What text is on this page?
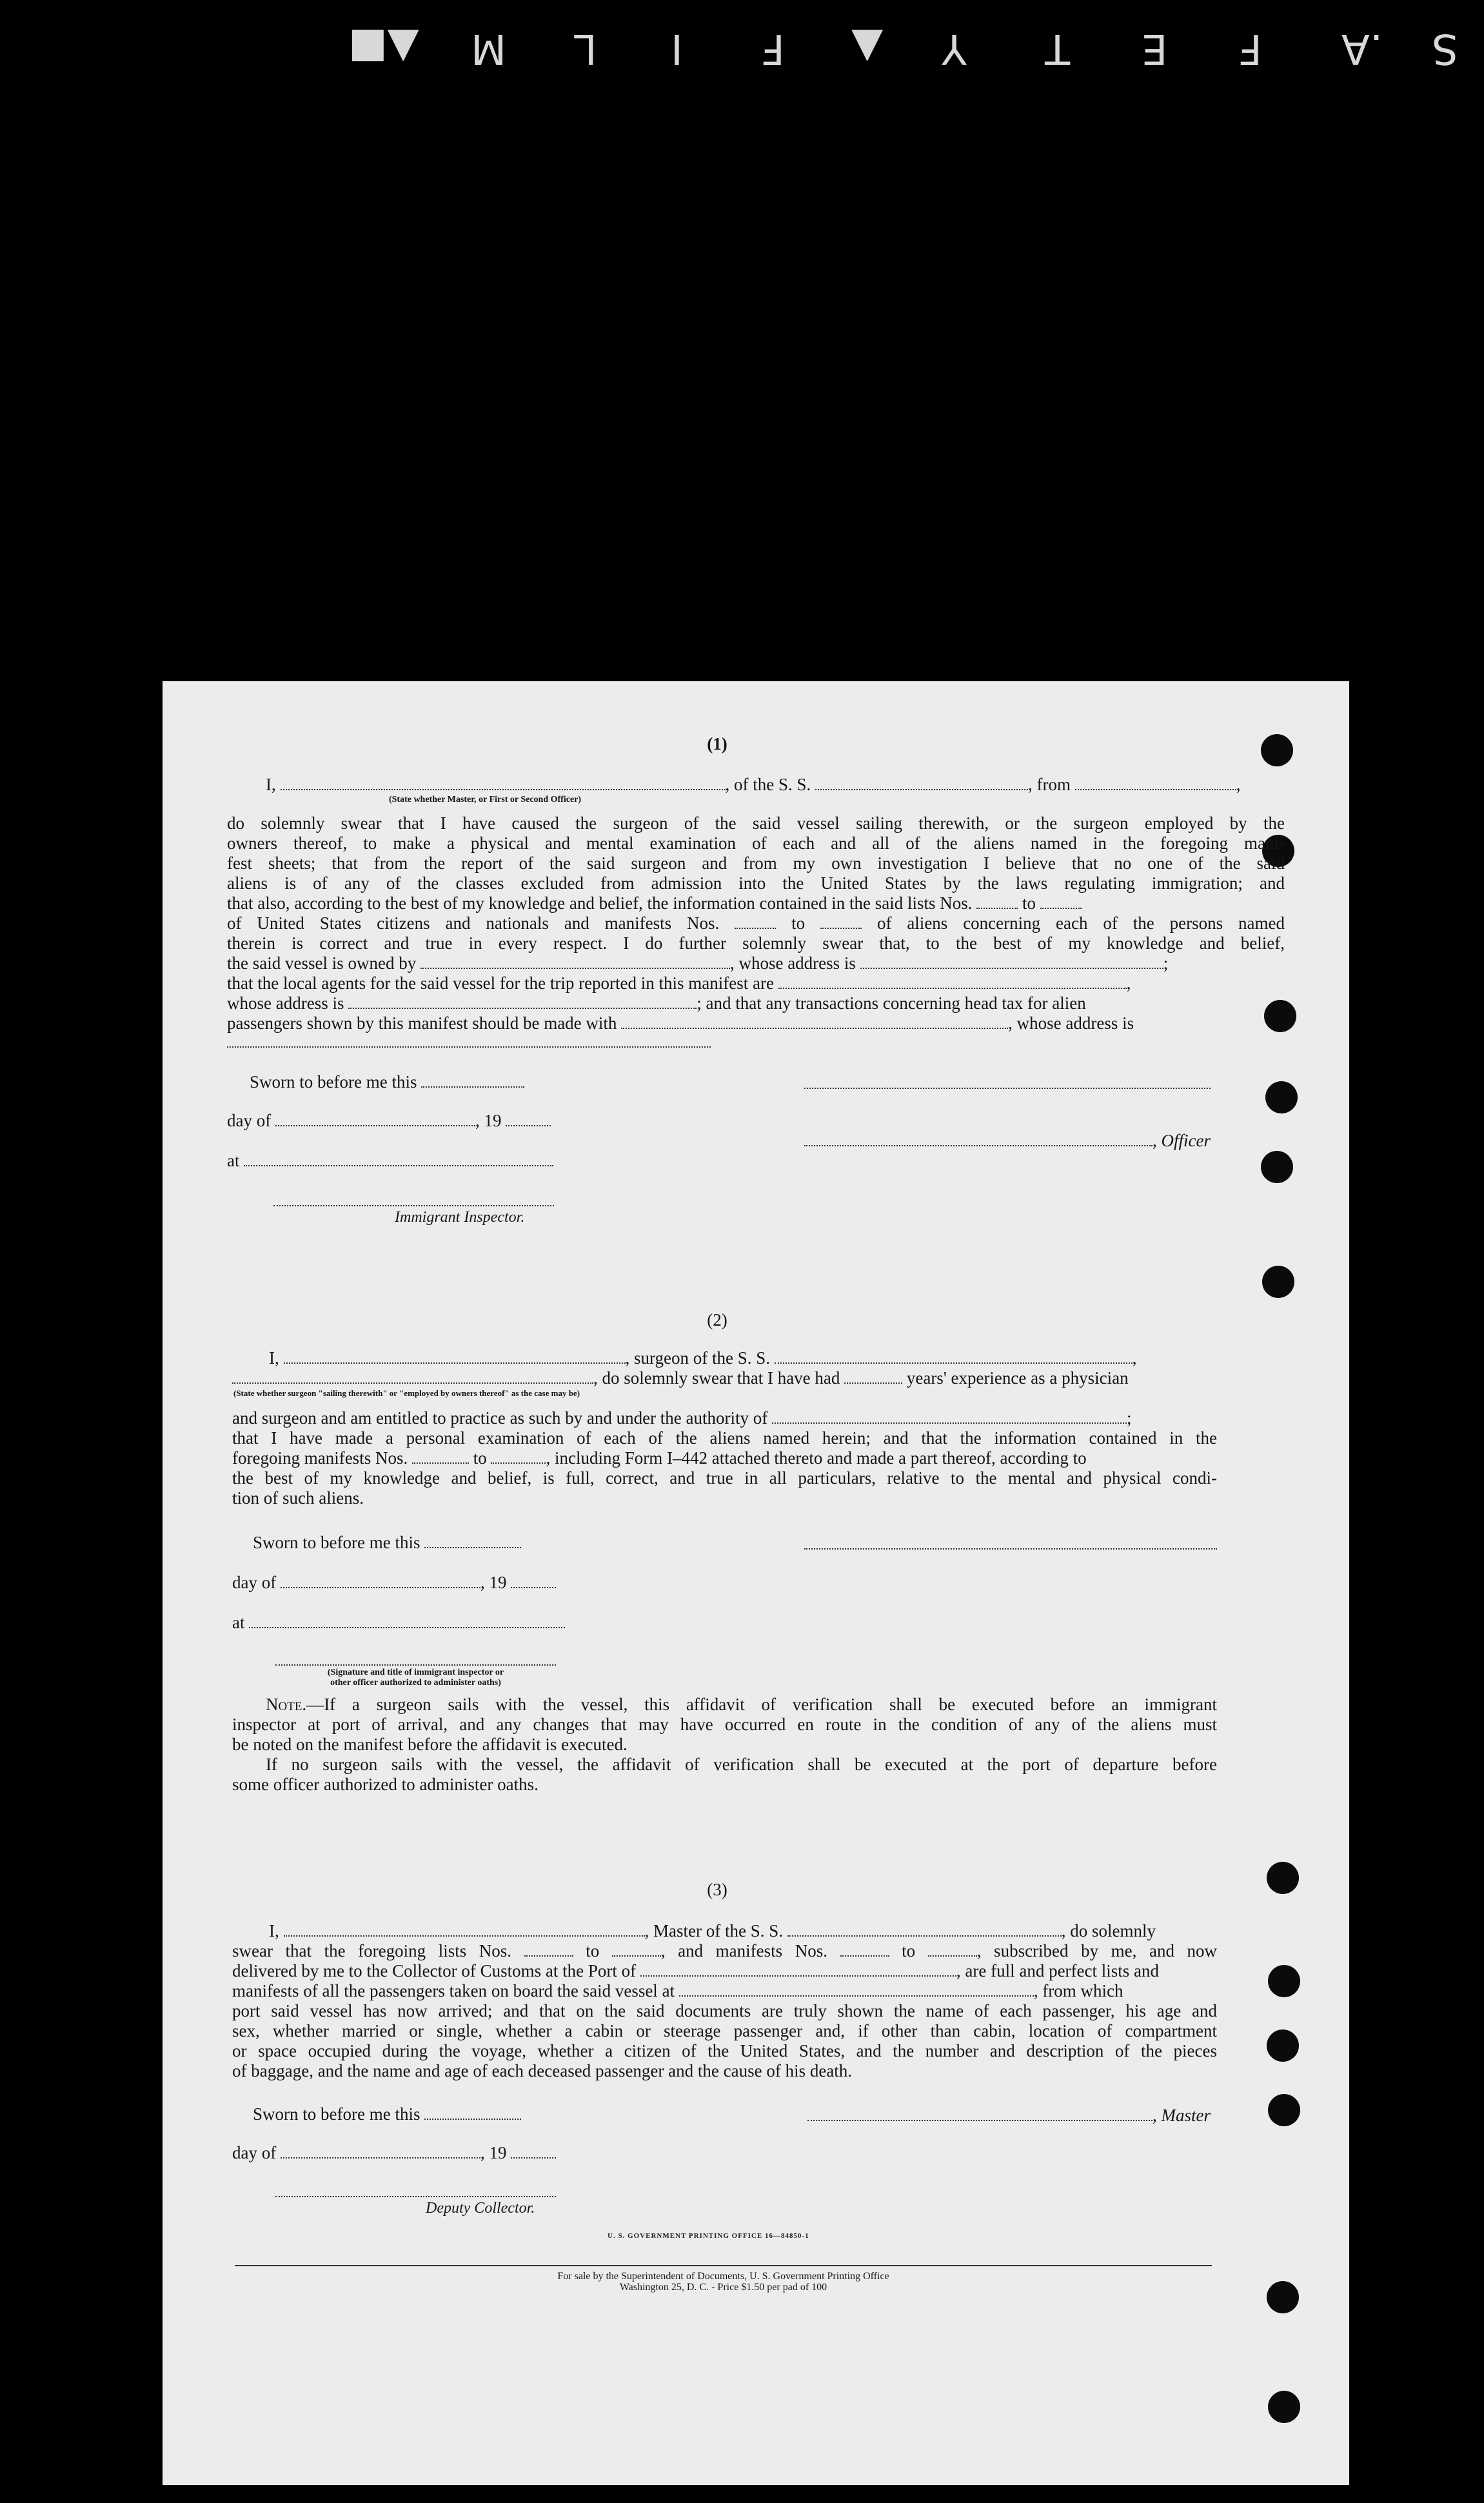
S
.A
F
E
T
Y
▲
F
I
L
M
▲■
(1)
I,	, of the S. S.	, from	,
(State whether Master, or First or Second Officer)
do solemnly swear that I have caused the surgeon of the said vessel sailing therewith, or the surgeon employed by the
owners thereof, to make a physical and mental examination of each and all of the aliens named in the foregoing mani-
fest sheets; that from the report of the said surgeon and from my own investigation I believe that no one of the said
aliens is of any of the classes excluded from admission into the United States by the laws regulating immigration; and
that also, according to the best of my knowledge and belief, the information contained in the said lists Nos.	to
of United States citizens and nationals and manifests Nos.	to	of aliens concerning each of the persons named
therein is correct and true in every respect. I do further solemnly swear that, to the best of my knowledge and belief,
the said vessel is owned by	, whose address is	;
that the local agents for the said vessel for the trip reported in this manifest are	,
whose address is	; and that any transactions concerning head tax for alien
passengers shown by this manifest should be made with	, whose address is
Sworn to before me this
day of	, 19
, Officer
at
Immigrant Inspector.
(2)
I,	, surgeon of the S. S.	,
, do solemnly swear that I have had	years' experience as a physician
(State whether surgeon "sailing therewith" or "employed by owners thereof" as the case may be)
and surgeon and am entitled to practice as such by and under the authority of	;
that I have made a personal examination of each of the aliens named herein; and that the information contained in the
foregoing manifests Nos.	to	, including Form I–442 attached thereto and made a part thereof, according to
the best of my knowledge and belief, is full, correct, and true in all particulars, relative to the mental and physical condi-
tion of such aliens.
Sworn to before me this
day of	, 19
at
(Signature and title of immigrant inspector or
other officer authorized to administer oaths)
Note.—If a surgeon sails with the vessel, this affidavit of verification shall be executed before an immigrant
inspector at port of arrival, and any changes that may have occurred en route in the condition of any of the aliens must
be noted on the manifest before the affidavit is executed.
If no surgeon sails with the vessel, the affidavit of verification shall be executed at the port of departure before
some officer authorized to administer oaths.
(3)
I,	, Master of the S. S.	, do solemnly
swear that the foregoing lists Nos.	to	, and manifests Nos.	to	, subscribed by me, and now
delivered by me to the Collector of Customs at the Port of	, are full and perfect lists and
manifests of all the passengers taken on board the said vessel at	, from which
port said vessel has now arrived; and that on the said documents are truly shown the name of each passenger, his age and
sex, whether married or single, whether a cabin or steerage passenger and, if other than cabin, location of compartment
or space occupied during the voyage, whether a citizen of the United States, and the number and description of the pieces
of baggage, and the name and age of each deceased passenger and the cause of his death.
Sworn to before me this	, Master
day of	, 19
Deputy Collector.
U. S. GOVERNMENT PRINTING OFFICE 16—84850-1
For sale by the Superintendent of Documents, U. S. Government Printing Office
Washington 25, D. C. - Price $1.50 per pad of 100
